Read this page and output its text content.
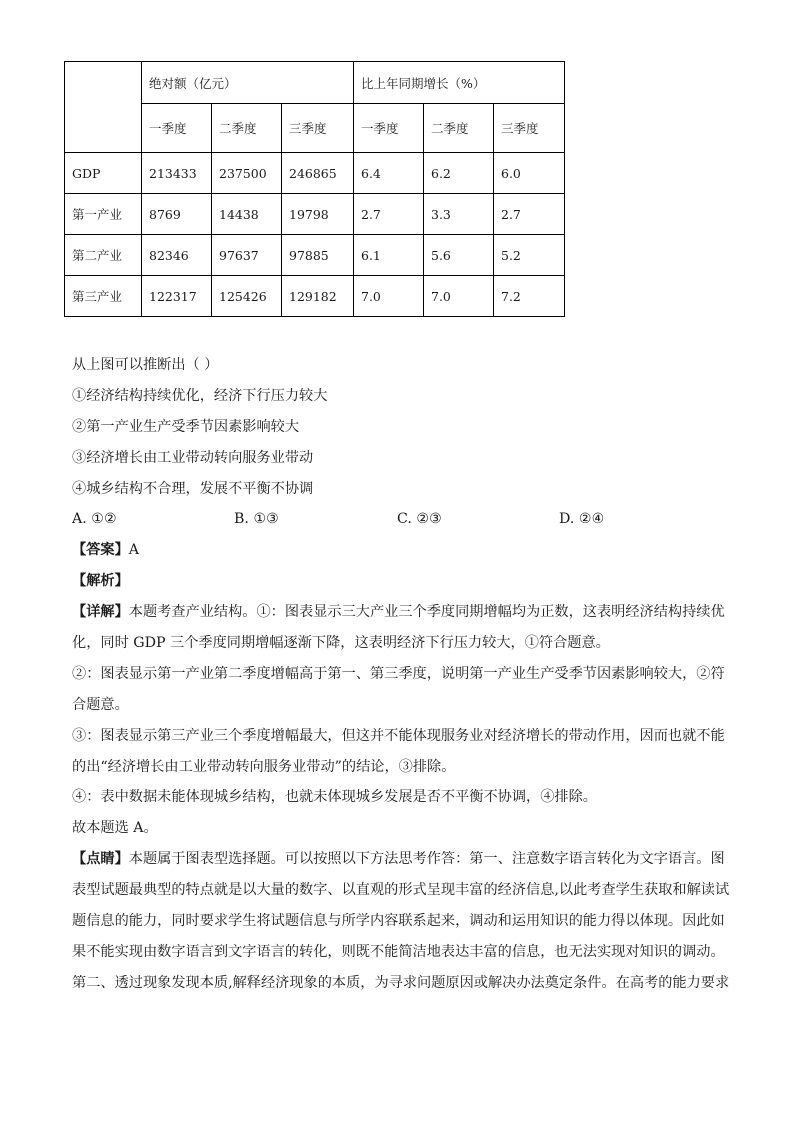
	绝对额（亿元）			比上年同期增长（%）		
	一季度	二季度	三季度	一季度	二季度	三季度
GDP	213433	237500	246865	6.4	6.2	6.0
第一产业	8769	14438	19798	2.7	3.3	2.7
第二产业	82346	97637	97885	6.1	5.6	5.2
第三产业	122317	125426	129182	7.0	7.0	7.2
从上图可以推断出（ ）
①经济结构持续优化，经济下行压力较大
②第一产业生产受季节因素影响较大
③经济增长由工业带动转向服务业带动
④城乡结构不合理，发展不平衡不协调
A. ①②	B. ①③	C. ②③	D. ②④
【答案】A
【解析】
【详解】本题考查产业结构。①：图表显示三大产业三个季度同期增幅均为正数，这表明经济结构持续优
化，同时 GDP 三个季度同期增幅逐渐下降，这表明经济下行压力较大，①符合题意。
②：图表显示第一产业第二季度增幅高于第一、第三季度，说明第一产业生产受季节因素影响较大，②符
合题意。
③：图表显示第三产业三个季度增幅最大，但这并不能体现服务业对经济增长的带动作用，因而也就不能
的出“经济增长由工业带动转向服务业带动”的结论，③排除。
④：表中数据未能体现城乡结构，也就未体现城乡发展是否不平衡不协调，④排除。
故本题选 A。
【点睛】本题属于图表型选择题。可以按照以下方法思考作答：第一、注意数字语言转化为文字语言。图
表型试题最典型的特点就是以大量的数字、以直观的形式呈现丰富的经济信息,以此考查学生获取和解读试
题信息的能力，同时要求学生将试题信息与所学内容联系起来，调动和运用知识的能力得以体现。因此如
果不能实现由数字语言到文字语言的转化，则既不能简洁地表达丰富的信息，也无法实现对知识的调动。
第二、透过现象发现本质,解释经济现象的本质，为寻求问题原因或解决办法奠定条件。在高考的能力要求
